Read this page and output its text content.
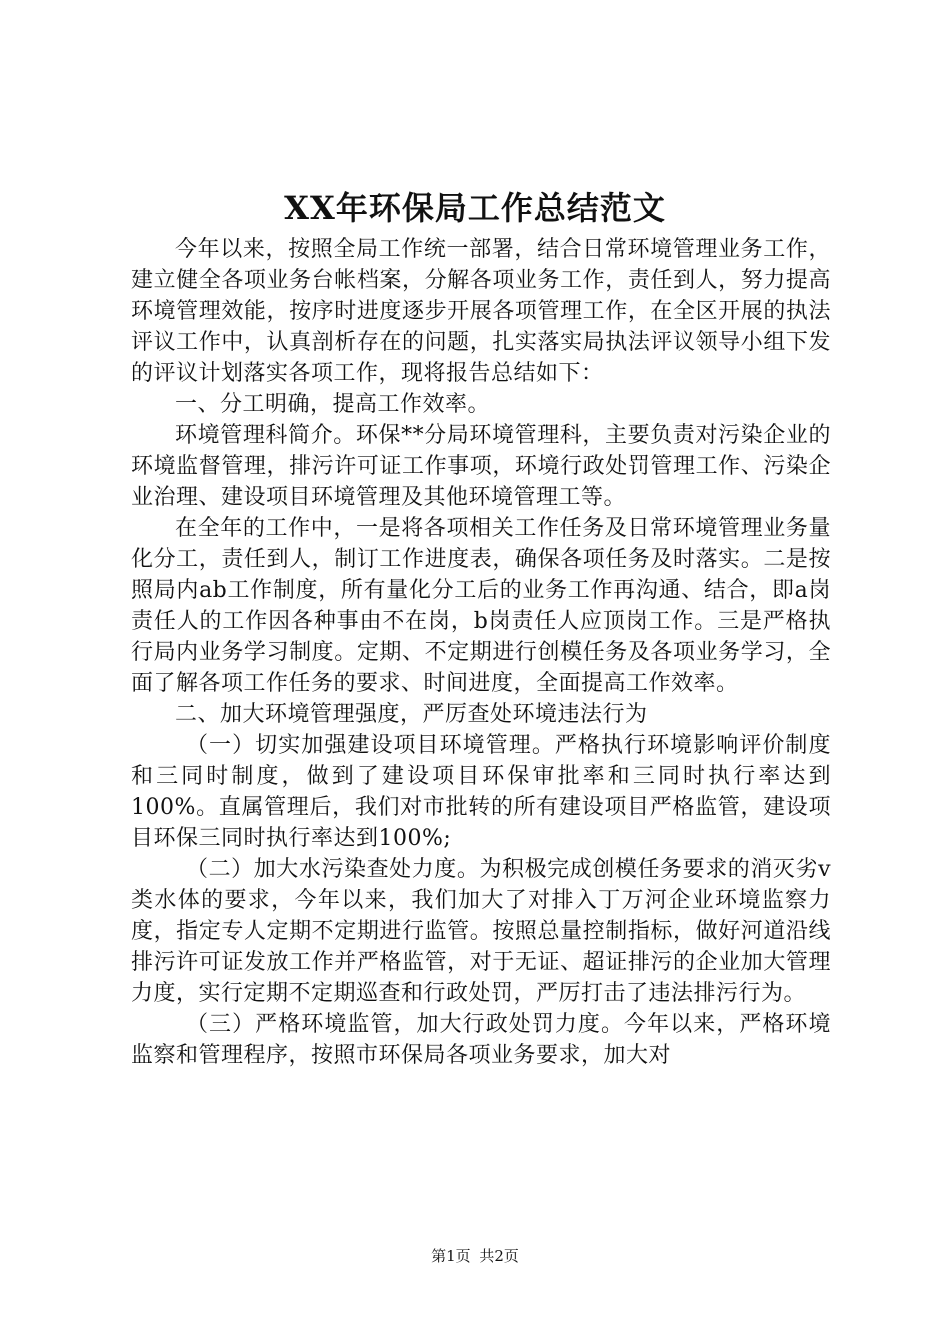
XX年环保局工作总结范文

今年以来，按照全局工作统一部署，结合日常环境管理业务工作，建立健全各项业务台帐档案，分解各项业务工作，责任到人，努力提高环境管理效能，按序时进度逐步开展各项管理工作，在全区开展的执法评议工作中，认真剖析存在的问题，扎实落实局执法评议领导小组下发的评议计划落实各项工作，现将报告总结如下：

一、分工明确，提高工作效率。

环境管理科简介。环保**分局环境管理科，主要负责对污染企业的环境监督管理，排污许可证工作事项，环境行政处罚管理工作、污染企业治理、建设项目环境管理及其他环境管理工等。

在全年的工作中，一是将各项相关工作任务及日常环境管理业务量化分工，责任到人，制订工作进度表，确保各项任务及时落实。二是按照局内ab工作制度，所有量化分工后的业务工作再沟通、结合，即a岗责任人的工作因各种事由不在岗，b岗责任人应顶岗工作。三是严格执行局内业务学习制度。定期、不定期进行创模任务及各项业务学习，全面了解各项工作任务的要求、时间进度，全面提高工作效率。

二、加大环境管理强度，严厉查处环境违法行为

（一）切实加强建设项目环境管理。严格执行环境影响评价制度和三同时制度，做到了建设项目环保审批率和三同时执行率达到100%。直属管理后，我们对市批转的所有建设项目严格监管，建设项目环保三同时执行率达到100%;

（二）加大水污染查处力度。为积极完成创模任务要求的消灭劣v类水体的要求，今年以来，我们加大了对排入丁万河企业环境监察力度，指定专人定期不定期进行监管。按照总量控制指标，做好河道沿线排污许可证发放工作并严格监管，对于无证、超证排污的企业加大管理力度，实行定期不定期巡查和行政处罚，严厉打击了违法排污行为。

（三）严格环境监管，加大行政处罚力度。今年以来，严格环境监察和管理程序，按照市环保局各项业务要求，加大对

第1页 共2页
